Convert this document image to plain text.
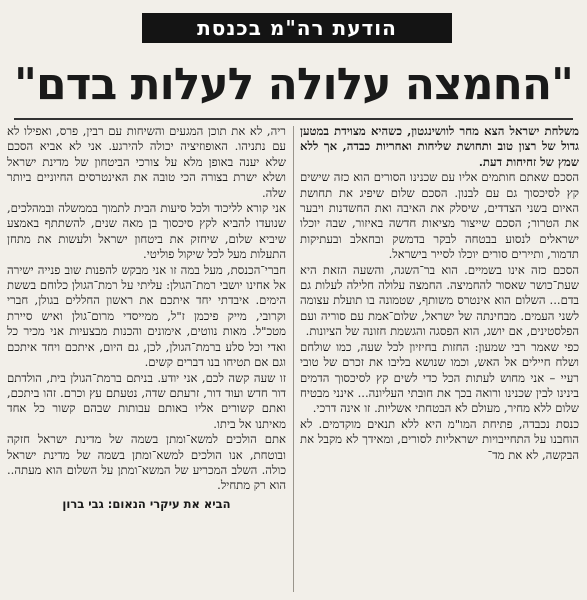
הודעת רה"מ בכנסת
"החמצה עלולה לעלות בדם"

משלחת ישראל הצא מחר לוושינגטון, כשהיא מצוידת במטען גדול של רצון טוב ותחושת שליחות ואחריות כבדה, אך ללא שמץ של זחיחות דעת.

הסכם שאתם חותמים אליו עם שכנינו הסורים הוא כזה שישים קץ לסיכסוך גם עם לבנון. הסכם שלום שיפיג את תחושת האיום בשני הצדדים, שיסלק את האיבה ואת החשדנות ויבער את הטרור; הסכם שייצור מציאות חדשה באיזור, שבה יוכלו ישראלים לנסוע בבטחה לבקר בדמשק ובחאלב ובעתיקות תדמור, ותיירים סורים יוכלו לסייר בישראל.

הסכם כזה אינו בשמיים. הוא בר־השגה, והשעה הזאת היא שעת־כושר שאסור להחמיצה. החמצה עלולה חלילה לעלות גם בדם... השלום הוא אינטרס משותף, שטמונה בו תועלת עצומה לשני העמים. מבחינתה של ישראל, שלום־אמת עם סוריה ועם הפלסטינים, אם יושג, הוא הפסגה והגשמת חזונה של הציונות.

כפי שאמר רבי שמעון: החזות בחיזיון לכל שעה, כמו שולחם ושלח חיילים אל האש, וכמו שנושא בליבו את זכרם של טובי רעיי – אני מחוש לעתות הכל כדי לשים קץ לסיכסוך הדמים בינינו לבין שכנינו ורואה בכך את חובתי העליונה... אינני מבטיח שלום ללא מחיר, מעולם לא הבטחתי אשליות. זו אינה דרכי.

כנסת נכבדה, פתיחת המו"מ היא ללא תנאים מוקדמים. לא הוחבנו על התחייבויות ישראליות לסורים, ומאידך לא מקבל את הבקשה, לא את מד־

ריה, לא את תוכן המגעים והשיחות עם רבין, פרס, ואפילו לא עם נתניהו. האופוזיציה יכולה להירגע. אני לא אביא הסכם שלא יענה באופן מלא על צורכי הביטחון של מדינת ישראל ושלא ישרת בצורה הכי טובה את האינטרסים החיוניים ביותר שלה.

אני קורא לליכוד ולכל סיעות הבית לתמוך בממשלה ובמהלכים, שנועדו להביא לקץ סיכסוך בן מאה שנים, להשתתף באמצע שיביא שלום, שיחזק את ביטחון ישראל ולעשות את מתחן התעלות מעל לכל שיקול פוליטי.

חברי־הכנסת, מעל במה זו אני מבקש להפנות שוב פנייה ישירה אל אחינו יושבי רמת־הגולן: עליתי על רמת־הגולן כלוחם בששת הימים. איבדתי יחד איתכם את ראשון החללים בגולן, חברי וקרובי, מייק פיכמן ז"ל, ממייסדי מרום־גולן ואיש סיירת מטכ"ל. מאות נווטים, אימונים והכנות מבצעיות אני מכיר כל ואדי וכל סלע ברמת־הגולן, לכן, גם היום, איתכם ויחד איתכם וגם אם תטיחו בנו דברים קשים.

זו שעה קשה לכם, אני יודע. בניתם ברמת־הגולן בית, הולדתם דור חדש ועוד דור, זרעתם שדה, נטעתם עץ וכרם. זהו ביתכם, ואתם קשורים אליו באותם עבותות שבהם קשור כל אחד מאיתנו אל ביתו.

אתם הולכים למשא־ומתן בשמה של מדינת ישראל חזקה ובוטחת, אנו הולכים למשא־ומתן בשמה של מדינת ישראל כולה. השלב המכריע של המשא־ומתן על השלום הוא מעתה.. הוא רק מתחיל.

הביא את עיקרי הנאום: גבי ברון
